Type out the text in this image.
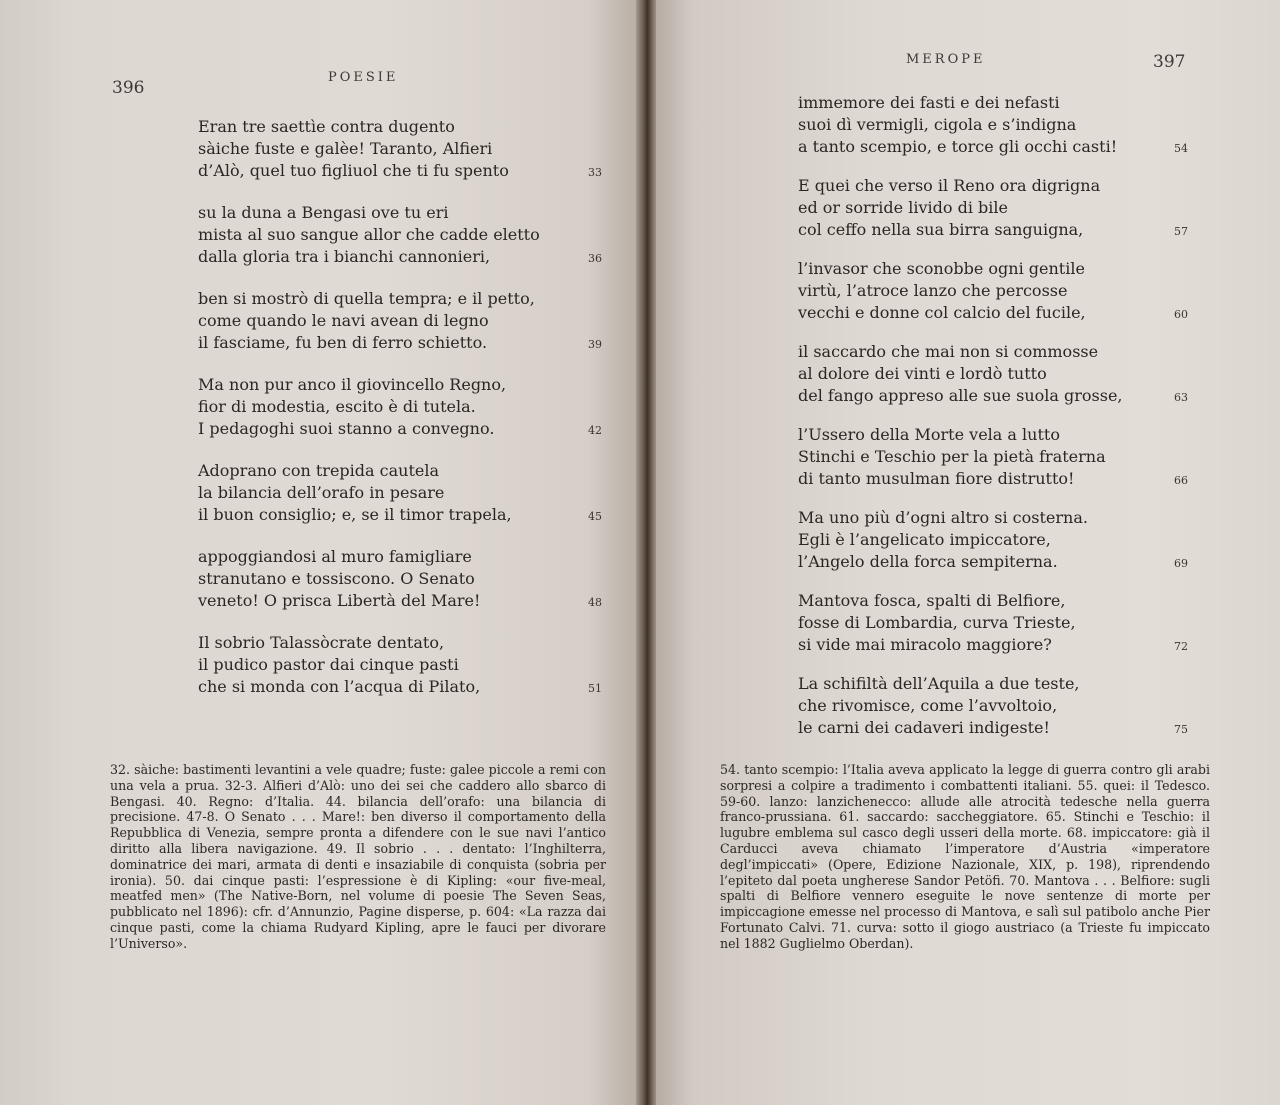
396
POESIE
Eran tre saettìe contra dugento
sàiche fuste e galèe! Taranto, Alfieri
d’Alò, quel tuo figliuol che ti fu spento	33
su la duna a Bengasi ove tu eri
mista al suo sangue allor che cadde eletto
dalla gloria tra i bianchi cannonieri,	36
ben si mostrò di quella tempra; e il petto,
come quando le navi avean di legno
il fasciame, fu ben di ferro schietto.	39
Ma non pur anco il giovincello Regno,
fior di modestia, escito è di tutela.
I pedagoghi suoi stanno a convegno.	42
Adoprano con trepida cautela
la bilancia dell’orafo in pesare
il buon consiglio; e, se il timor trapela,	45
appoggiandosi al muro famigliare
stranutano e tossiscono. O Senato
veneto! O prisca Libertà del Mare!	48
Il sobrio Talassòcrate dentato,
il pudico pastor dai cinque pasti
che si monda con l’acqua di Pilato,	51
32. sàiche: bastimenti levantini a vele quadre; fuste: galee piccole a remi con una vela a prua. 32-3. Alfieri d’Alò: uno dei sei che caddero allo sbarco di Bengasi. 40. Regno: d’Italia. 44. bilancia dell’orafo: una bilancia di precisione. 47-8. O Senato . . . Mare!: ben diverso il comportamento della Repubblica di Venezia, sempre pronta a difendere con le sue navi l’antico diritto alla libera navigazione. 49. Il sobrio . . . dentato: l’Inghilterra, dominatrice dei mari, armata di denti e insaziabile di conquista (sobria per ironia). 50. dai cinque pasti: l’espressione è di Kipling: «our five-meal, meatfed men» (The Native-Born, nel volume di poesie The Seven Seas, pubblicato nel 1896): cfr. d’Annunzio, Pagine disperse, p. 604: «La razza dai cinque pasti, come la chiama Rudyard Kipling, apre le fauci per divorare l’Universo».
MEROPE	397
immemore dei fasti e dei nefasti
suoi dì vermigli, cigola e s’indigna
a tanto scempio, e torce gli occhi casti!	54
E quei che verso il Reno ora digrigna
ed or sorride livido di bile
col ceffo nella sua birra sanguigna,	57
l’invasor che sconobbe ogni gentile
virtù, l’atroce lanzo che percosse
vecchi e donne col calcio del fucile,	60
il saccardo che mai non si commosse
al dolore dei vinti e lordò tutto
del fango appreso alle sue suola grosse,	63
l’Ussero della Morte vela a lutto
Stinchi e Teschio per la pietà fraterna
di tanto musulman fiore distrutto!	66
Ma uno più d’ogni altro si costerna.
Egli è l’angelicato impiccatore,
l’Angelo della forca sempiterna.	69
Mantova fosca, spalti di Belfiore,
fosse di Lombardia, curva Trieste,
si vide mai miracolo maggiore?	72
La schifiltà dell’Aquila a due teste,
che rivomisce, come l’avvoltoio,
le carni dei cadaveri indigeste!	75
54. tanto scempio: l’Italia aveva applicato la legge di guerra contro gli arabi sorpresi a colpire a tradimento i combattenti italiani. 55. quei: il Tedesco. 59-60. lanzo: lanzichenecco: allude alle atrocità tedesche nella guerra franco-prussiana. 61. saccardo: saccheggiatore. 65. Stinchi e Teschio: il lugubre emblema sul casco degli usseri della morte. 68. impiccatore: già il Carducci aveva chiamato l’imperatore d’Austria «imperatore degl’impiccati» (Opere, Edizione Nazionale, XIX, p. 198), riprendendo l’epiteto dal poeta ungherese Sandor Petöfi. 70. Mantova . . . Belfiore: sugli spalti di Belfiore vennero eseguite le nove sentenze di morte per impiccagione emesse nel processo di Mantova, e salì sul patibolo anche Pier Fortunato Calvi. 71. curva: sotto il giogo austriaco (a Trieste fu impiccato nel 1882 Guglielmo Oberdan).
